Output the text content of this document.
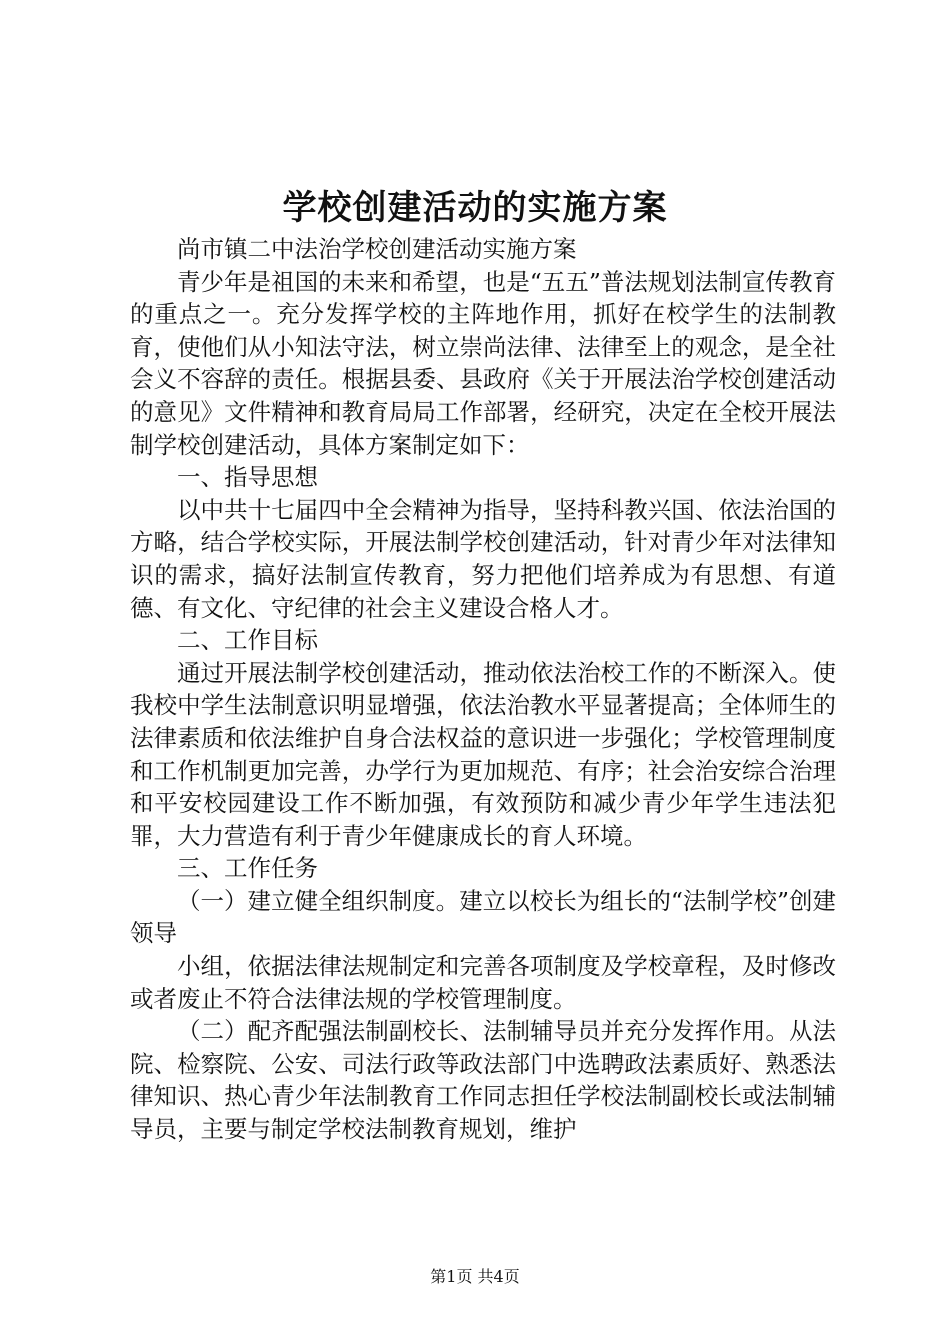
学校创建活动的实施方案

尚市镇二中法治学校创建活动实施方案

青少年是祖国的未来和希望，也是“五五”普法规划法制宣传教育的重点之一。充分发挥学校的主阵地作用，抓好在校学生的法制教育，使他们从小知法守法，树立崇尚法律、法律至上的观念，是全社会义不容辞的责任。根据县委、县政府《关于开展法治学校创建活动的意见》文件精神和教育局局工作部署，经研究，决定在全校开展法制学校创建活动，具体方案制定如下：

一、指导思想

以中共十七届四中全会精神为指导，坚持科教兴国、依法治国的方略，结合学校实际，开展法制学校创建活动，针对青少年对法律知识的需求，搞好法制宣传教育，努力把他们培养成为有思想、有道德、有文化、守纪律的社会主义建设合格人才。

二、工作目标

通过开展法制学校创建活动，推动依法治校工作的不断深入。使我校中学生法制意识明显增强，依法治教水平显著提高；全体师生的法律素质和依法维护自身合法权益的意识进一步强化；学校管理制度和工作机制更加完善，办学行为更加规范、有序；社会治安综合治理和平安校园建设工作不断加强，有效预防和减少青少年学生违法犯罪，大力营造有利于青少年健康成长的育人环境。

三、工作任务

（一）建立健全组织制度。建立以校长为组长的“法制学校”创建领导

小组，依据法律法规制定和完善各项制度及学校章程，及时修改或者废止不符合法律法规的学校管理制度。

（二）配齐配强法制副校长、法制辅导员并充分发挥作用。从法院、检察院、公安、司法行政等政法部门中选聘政法素质好、熟悉法律知识、热心青少年法制教育工作同志担任学校法制副校长或法制辅导员，主要与制定学校法制教育规划，维护

第1页 共4页
